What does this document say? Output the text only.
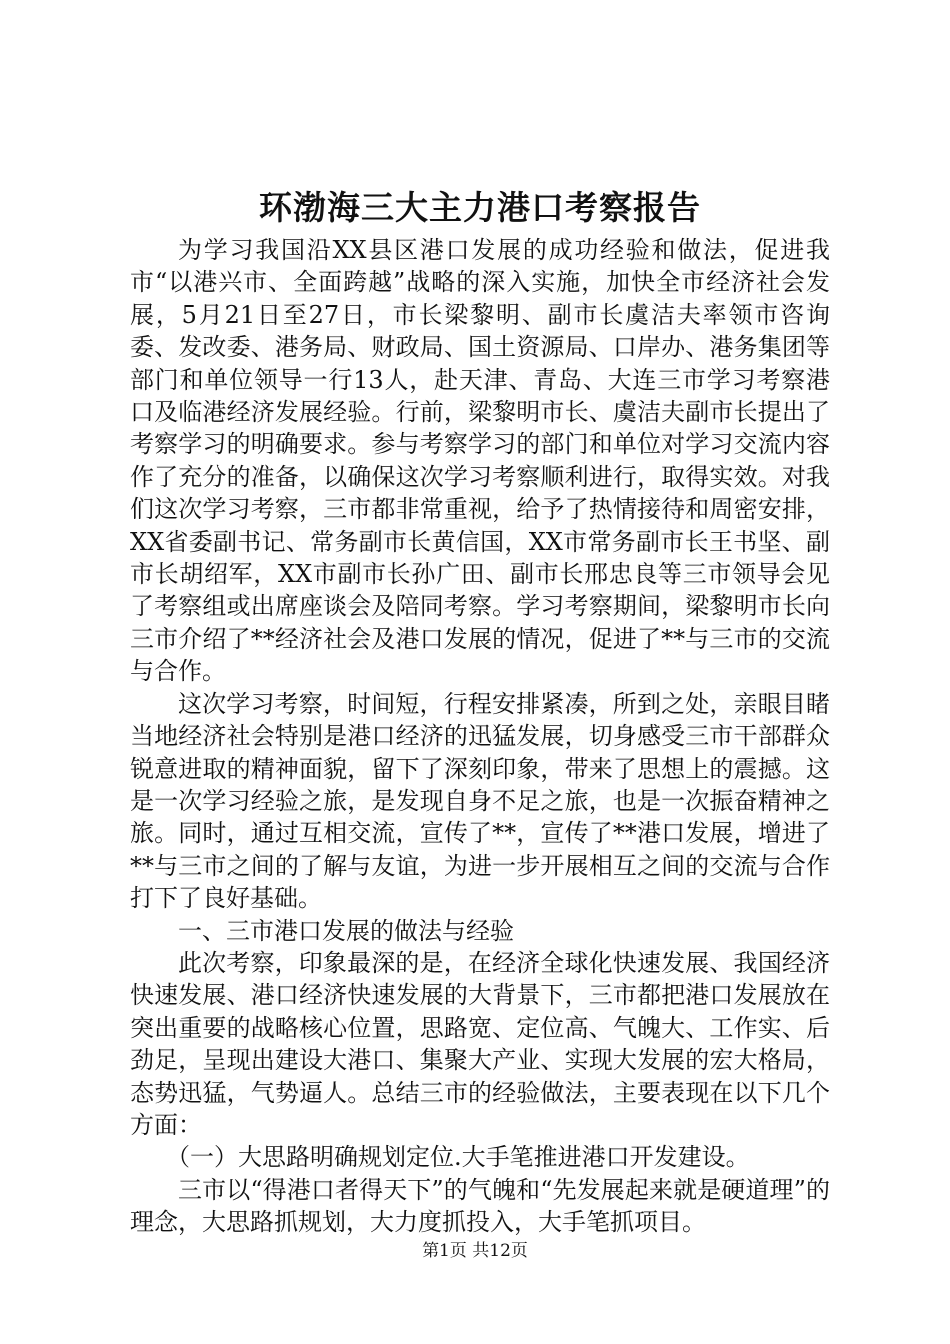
环渤海三大主力港口考察报告

为学习我国沿XX县区港口发展的成功经验和做法，促进我市“以港兴市、全面跨越”战略的深入实施，加快全市经济社会发展，5月21日至27日，市长梁黎明、副市长虞洁夫率领市咨询委、发改委、港务局、财政局、国土资源局、口岸办、港务集团等部门和单位领导一行13人，赴天津、青岛、大连三市学习考察港口及临港经济发展经验。行前，梁黎明市长、虞洁夫副市长提出了考察学习的明确要求。参与考察学习的部门和单位对学习交流内容作了充分的准备，以确保这次学习考察顺利进行，取得实效。对我们这次学习考察，三市都非常重视，给予了热情接待和周密安排，XX省委副书记、常务副市长黄信国，XX市常务副市长王书坚、副市长胡绍军，XX市副市长孙广田、副市长邢忠良等三市领导会见了考察组或出席座谈会及陪同考察。学习考察期间，梁黎明市长向三市介绍了**经济社会及港口发展的情况，促进了**与三市的交流与合作。

这次学习考察，时间短，行程安排紧凑，所到之处，亲眼目睹当地经济社会特别是港口经济的迅猛发展，切身感受三市干部群众锐意进取的精神面貌，留下了深刻印象，带来了思想上的震撼。这是一次学习经验之旅，是发现自身不足之旅，也是一次振奋精神之旅。同时，通过互相交流，宣传了**，宣传了**港口发展，增进了**与三市之间的了解与友谊，为进一步开展相互之间的交流与合作打下了良好基础。

一、三市港口发展的做法与经验

此次考察，印象最深的是，在经济全球化快速发展、我国经济快速发展、港口经济快速发展的大背景下，三市都把港口发展放在突出重要的战略核心位置，思路宽、定位高、气魄大、工作实、后劲足，呈现出建设大港口、集聚大产业、实现大发展的宏大格局，态势迅猛，气势逼人。总结三市的经验做法，主要表现在以下几个方面：

（一）大思路明确规划定位.大手笔推进港口开发建设。

三市以“得港口者得天下”的气魄和“先发展起来就是硬道理”的理念，大思路抓规划，大力度抓投入，大手笔抓项目。

第1页 共12页
